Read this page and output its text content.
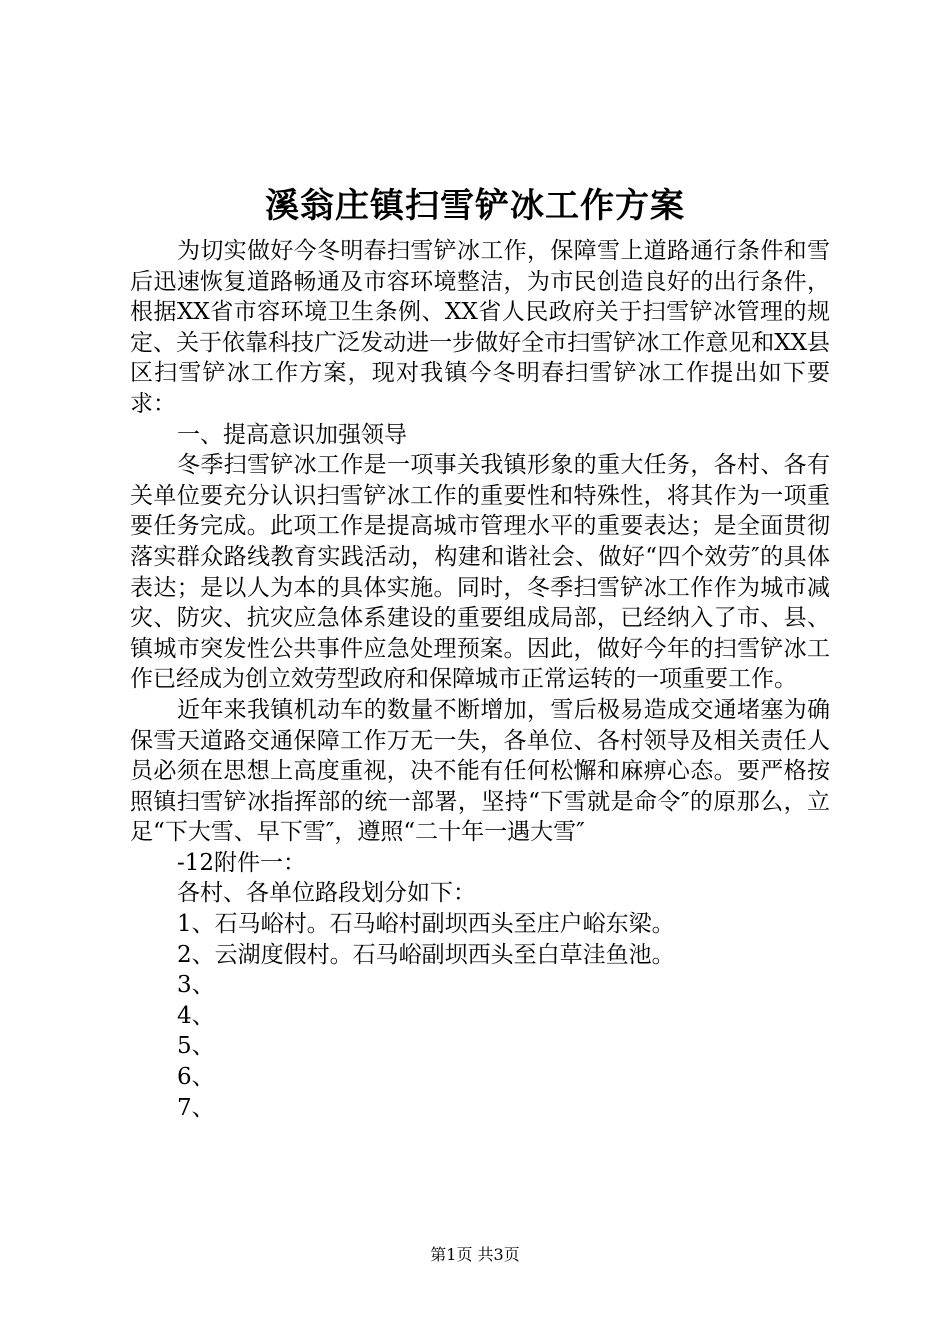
溪翁庄镇扫雪铲冰工作方案

为切实做好今冬明春扫雪铲冰工作，保障雪上道路通行条件和雪后迅速恢复道路畅通及市容环境整洁，为市民创造良好的出行条件，根据XX省市容环境卫生条例、XX省人民政府关于扫雪铲冰管理的规定、关于依靠科技广泛发动进一步做好全市扫雪铲冰工作意见和XX县区扫雪铲冰工作方案，现对我镇今冬明春扫雪铲冰工作提出如下要求：

一、提高意识加强领导

冬季扫雪铲冰工作是一项事关我镇形象的重大任务，各村、各有关单位要充分认识扫雪铲冰工作的重要性和特殊性，将其作为一项重要任务完成。此项工作是提高城市管理水平的重要表达；是全面贯彻落实群众路线教育实践活动，构建和谐社会、做好“四个效劳″的具体表达；是以人为本的具体实施。同时，冬季扫雪铲冰工作作为城市减灾、防灾、抗灾应急体系建设的重要组成局部，已经纳入了市、县、镇城市突发性公共事件应急处理预案。因此，做好今年的扫雪铲冰工作已经成为创立效劳型政府和保障城市正常运转的一项重要工作。

近年来我镇机动车的数量不断增加，雪后极易造成交通堵塞为确保雪天道路交通保障工作万无一失，各单位、各村领导及相关责任人员必须在思想上高度重视，决不能有任何松懈和麻痹心态。要严格按照镇扫雪铲冰指挥部的统一部署，坚持“下雪就是命令″的原那么，立足“下大雪、早下雪″，遵照“二十年一遇大雪″

-12附件一：

各村、各单位路段划分如下：

1、石马峪村。石马峪村副坝西头至庄户峪东梁。

2、云湖度假村。石马峪副坝西头至白草洼鱼池。

3、

4、

5、

6、

7、

第1页 共3页
